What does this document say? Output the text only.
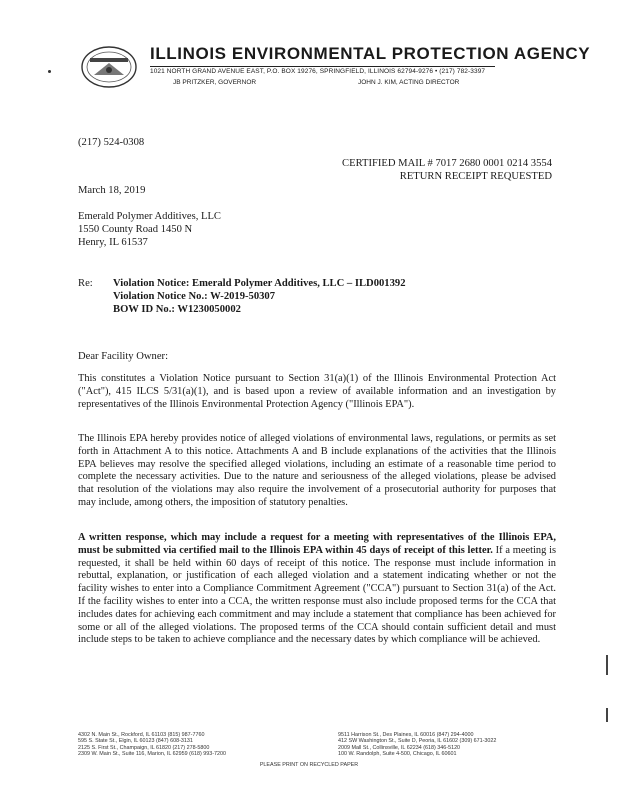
ILLINOIS ENVIRONMENTAL PROTECTION AGENCY
1021 NORTH GRAND AVENUE EAST, P.O. BOX 19276, SPRINGFIELD, ILLINOIS 62794-9276 • (217) 782-3397
JB PRITZKER, GOVERNOR	JOHN J. KIM, ACTING DIRECTOR
(217) 524-0308
CERTIFIED MAIL # 7017 2680 0001 0214 3554
RETURN RECEIPT REQUESTED
March 18, 2019
Emerald Polymer Additives, LLC
1550 County Road 1450 N
Henry, IL 61537
Re: Violation Notice: Emerald Polymer Additives, LLC – ILD001392
Violation Notice No.: W-2019-50307
BOW ID No.: W1230050002
Dear Facility Owner:
This constitutes a Violation Notice pursuant to Section 31(a)(1) of the Illinois Environmental Protection Act ("Act"), 415 ILCS 5/31(a)(1), and is based upon a review of available information and an investigation by representatives of the Illinois Environmental Protection Agency ("Illinois EPA").
The Illinois EPA hereby provides notice of alleged violations of environmental laws, regulations, or permits as set forth in Attachment A to this notice. Attachments A and B include explanations of the activities that the Illinois EPA believes may resolve the specified alleged violations, including an estimate of a reasonable time period to complete the necessary activities. Due to the nature and seriousness of the alleged violations, please be advised that resolution of the violations may also require the involvement of a prosecutorial authority for purposes that may include, among others, the imposition of statutory penalties.
A written response, which may include a request for a meeting with representatives of the Illinois EPA, must be submitted via certified mail to the Illinois EPA within 45 days of receipt of this letter. If a meeting is requested, it shall be held within 60 days of receipt of this notice. The response must include information in rebuttal, explanation, or justification of each alleged violation and a statement indicating whether or not the facility wishes to enter into a Compliance Commitment Agreement ("CCA") pursuant to Section 31(a) of the Act. If the facility wishes to enter into a CCA, the written response must also include proposed terms for the CCA that includes dates for achieving each commitment and may include a statement that compliance has been achieved for some or all of the alleged violations. The proposed terms of the CCA should contain sufficient detail and must include steps to be taken to achieve compliance and the necessary dates by which compliance will be achieved.
4302 N. Main St., Rockford, IL 61103 (815) 987-7760
595 S. State St., Elgin, IL 60123 (847) 608-3131
2125 S. First St., Champaign, IL 61820 (217) 278-5800
2309 W. Main St., Suite 116, Marion, IL 62959 (618) 993-7200
9511 Harrison St., Des Plaines, IL 60016 (847) 294-4000
412 SW Washington St., Suite D, Peoria, IL 61602 (309) 671-3022
2009 Mall St., Collinsville, IL 62234 (618) 346-5120
100 W. Randolph, Suite 4-500, Chicago, IL 60601
PLEASE PRINT ON RECYCLED PAPER
